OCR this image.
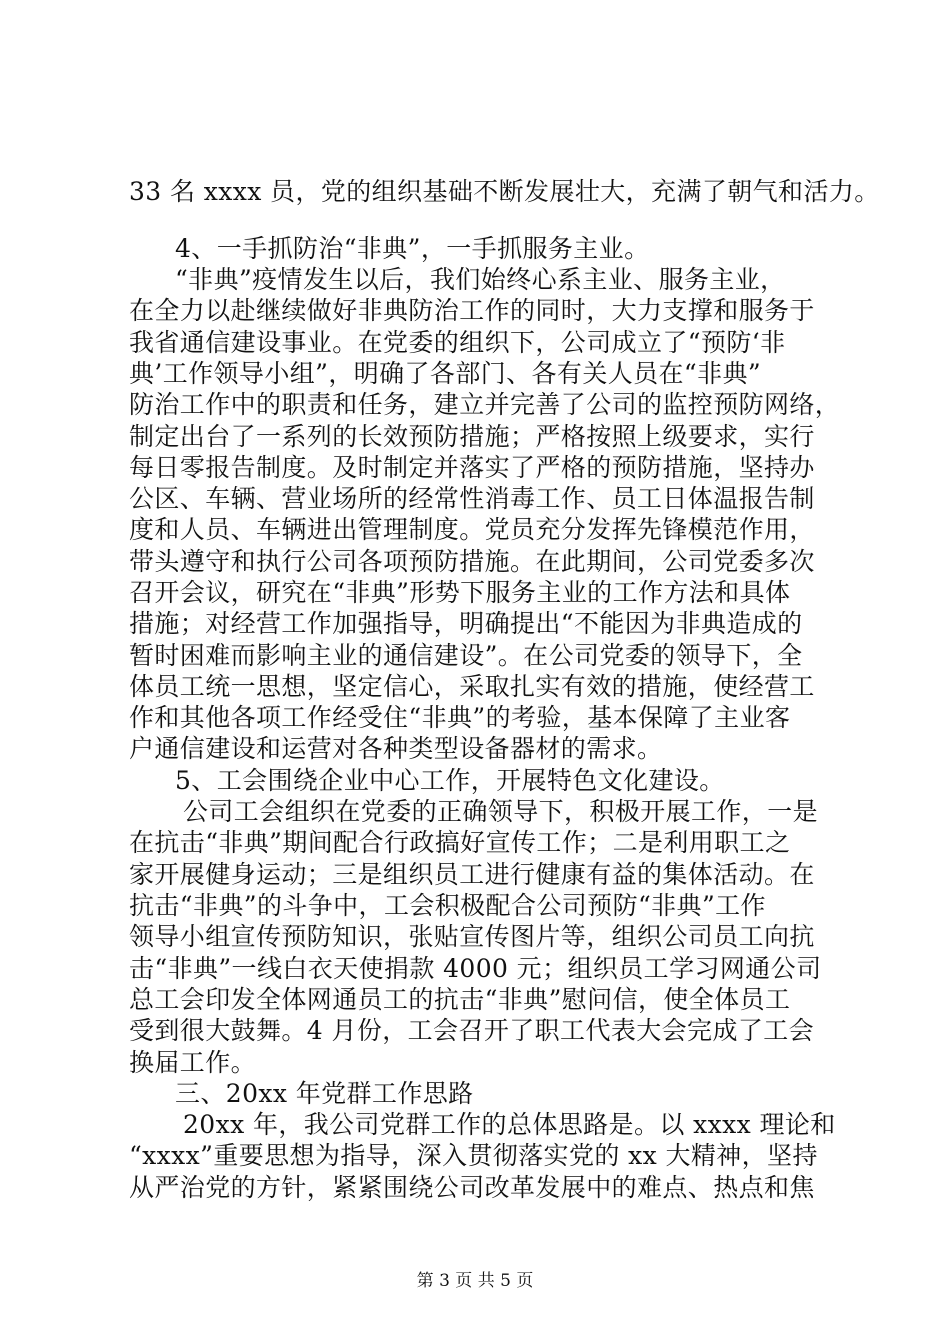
33 名 xxxx 员，党的组织基础不断发展壮大，充满了朝气和活力。
4、一手抓防治“非典”，一手抓服务主业。
“非典”疫情发生以后，我们始终心系主业、服务主业，
在全力以赴继续做好非典防治工作的同时，大力支撑和服务于
我省通信建设事业。在党委的组织下，公司成立了“预防‘非
典’工作领导小组”，明确了各部门、各有关人员在“非典”
防治工作中的职责和任务，建立并完善了公司的监控预防网络，
制定出台了一系列的长效预防措施；严格按照上级要求，实行
每日零报告制度。及时制定并落实了严格的预防措施，坚持办
公区、车辆、营业场所的经常性消毒工作、员工日体温报告制
度和人员、车辆进出管理制度。党员充分发挥先锋模范作用，
带头遵守和执行公司各项预防措施。在此期间，公司党委多次
召开会议，研究在“非典”形势下服务主业的工作方法和具体
措施；对经营工作加强指导，明确提出“不能因为非典造成的
暂时困难而影响主业的通信建设”。在公司党委的领导下，全
体员工统一思想，坚定信心，采取扎实有效的措施，使经营工
作和其他各项工作经受住“非典”的考验，基本保障了主业客
户通信建设和运营对各种类型设备器材的需求。
5、工会围绕企业中心工作，开展特色文化建设。
公司工会组织在党委的正确领导下，积极开展工作，一是
在抗击“非典”期间配合行政搞好宣传工作；二是利用职工之
家开展健身运动；三是组织员工进行健康有益的集体活动。在
抗击“非典”的斗争中，工会积极配合公司预防“非典”工作
领导小组宣传预防知识，张贴宣传图片等，组织公司员工向抗
击“非典”一线白衣天使捐款 4000 元；组织员工学习网通公司
总工会印发全体网通员工的抗击“非典”慰问信，使全体员工
受到很大鼓舞。4 月份，工会召开了职工代表大会完成了工会
换届工作。
三、20xx 年党群工作思路
20xx 年，我公司党群工作的总体思路是。以 xxxx 理论和
“xxxx”重要思想为指导，深入贯彻落实党的 xx 大精神，坚持
从严治党的方针，紧紧围绕公司改革发展中的难点、热点和焦
第 3 页 共 5 页
